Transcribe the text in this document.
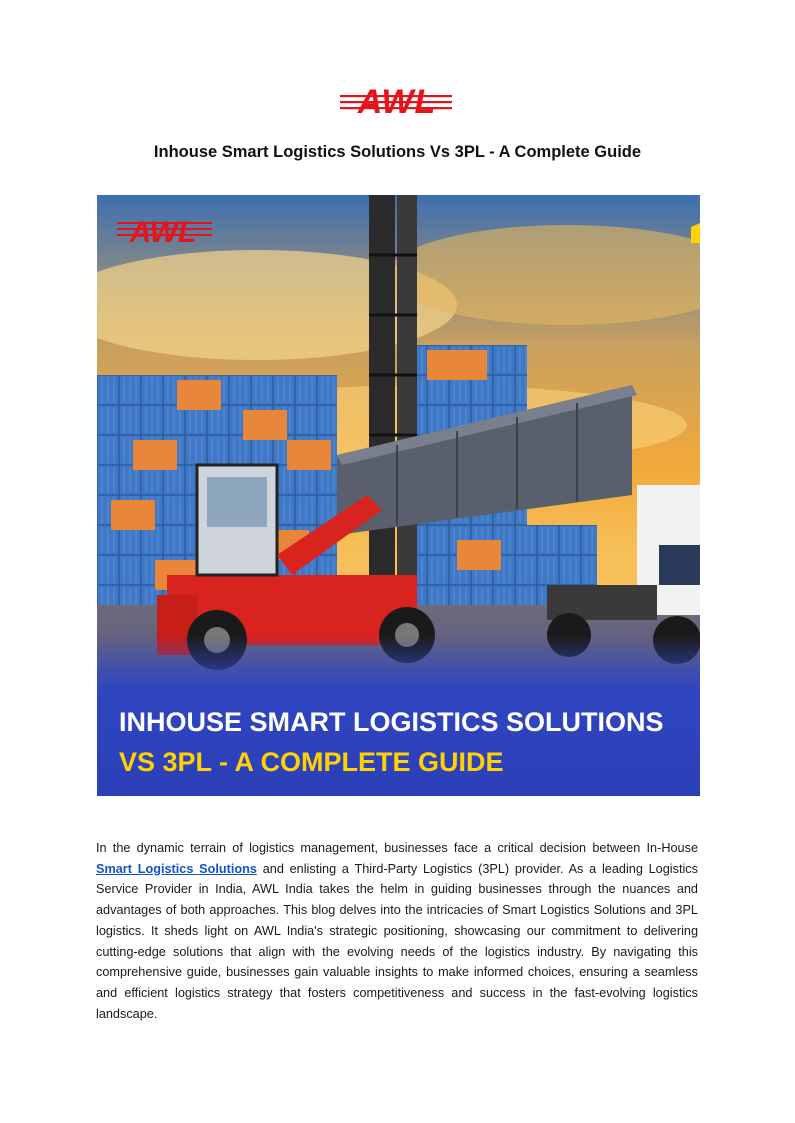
AWL
Inhouse Smart Logistics Solutions Vs 3PL - A Complete Guide
AWL
INHOUSE SMART LOGISTICS SOLUTIONS
VS 3PL - A COMPLETE GUIDE

In the dynamic terrain of logistics management, businesses face a critical decision between In-House Smart Logistics Solutions and enlisting a Third-Party Logistics (3PL) provider. As a leading Logistics Service Provider in India, AWL India takes the helm in guiding businesses through the nuances and advantages of both approaches. This blog delves into the intricacies of Smart Logistics Solutions and 3PL logistics. It sheds light on AWL India's strategic positioning, showcasing our commitment to delivering cutting-edge solutions that align with the evolving needs of the logistics industry. By navigating this comprehensive guide, businesses gain valuable insights to make informed choices, ensuring a seamless and efficient logistics strategy that fosters competitiveness and success in the fast-evolving logistics landscape.
